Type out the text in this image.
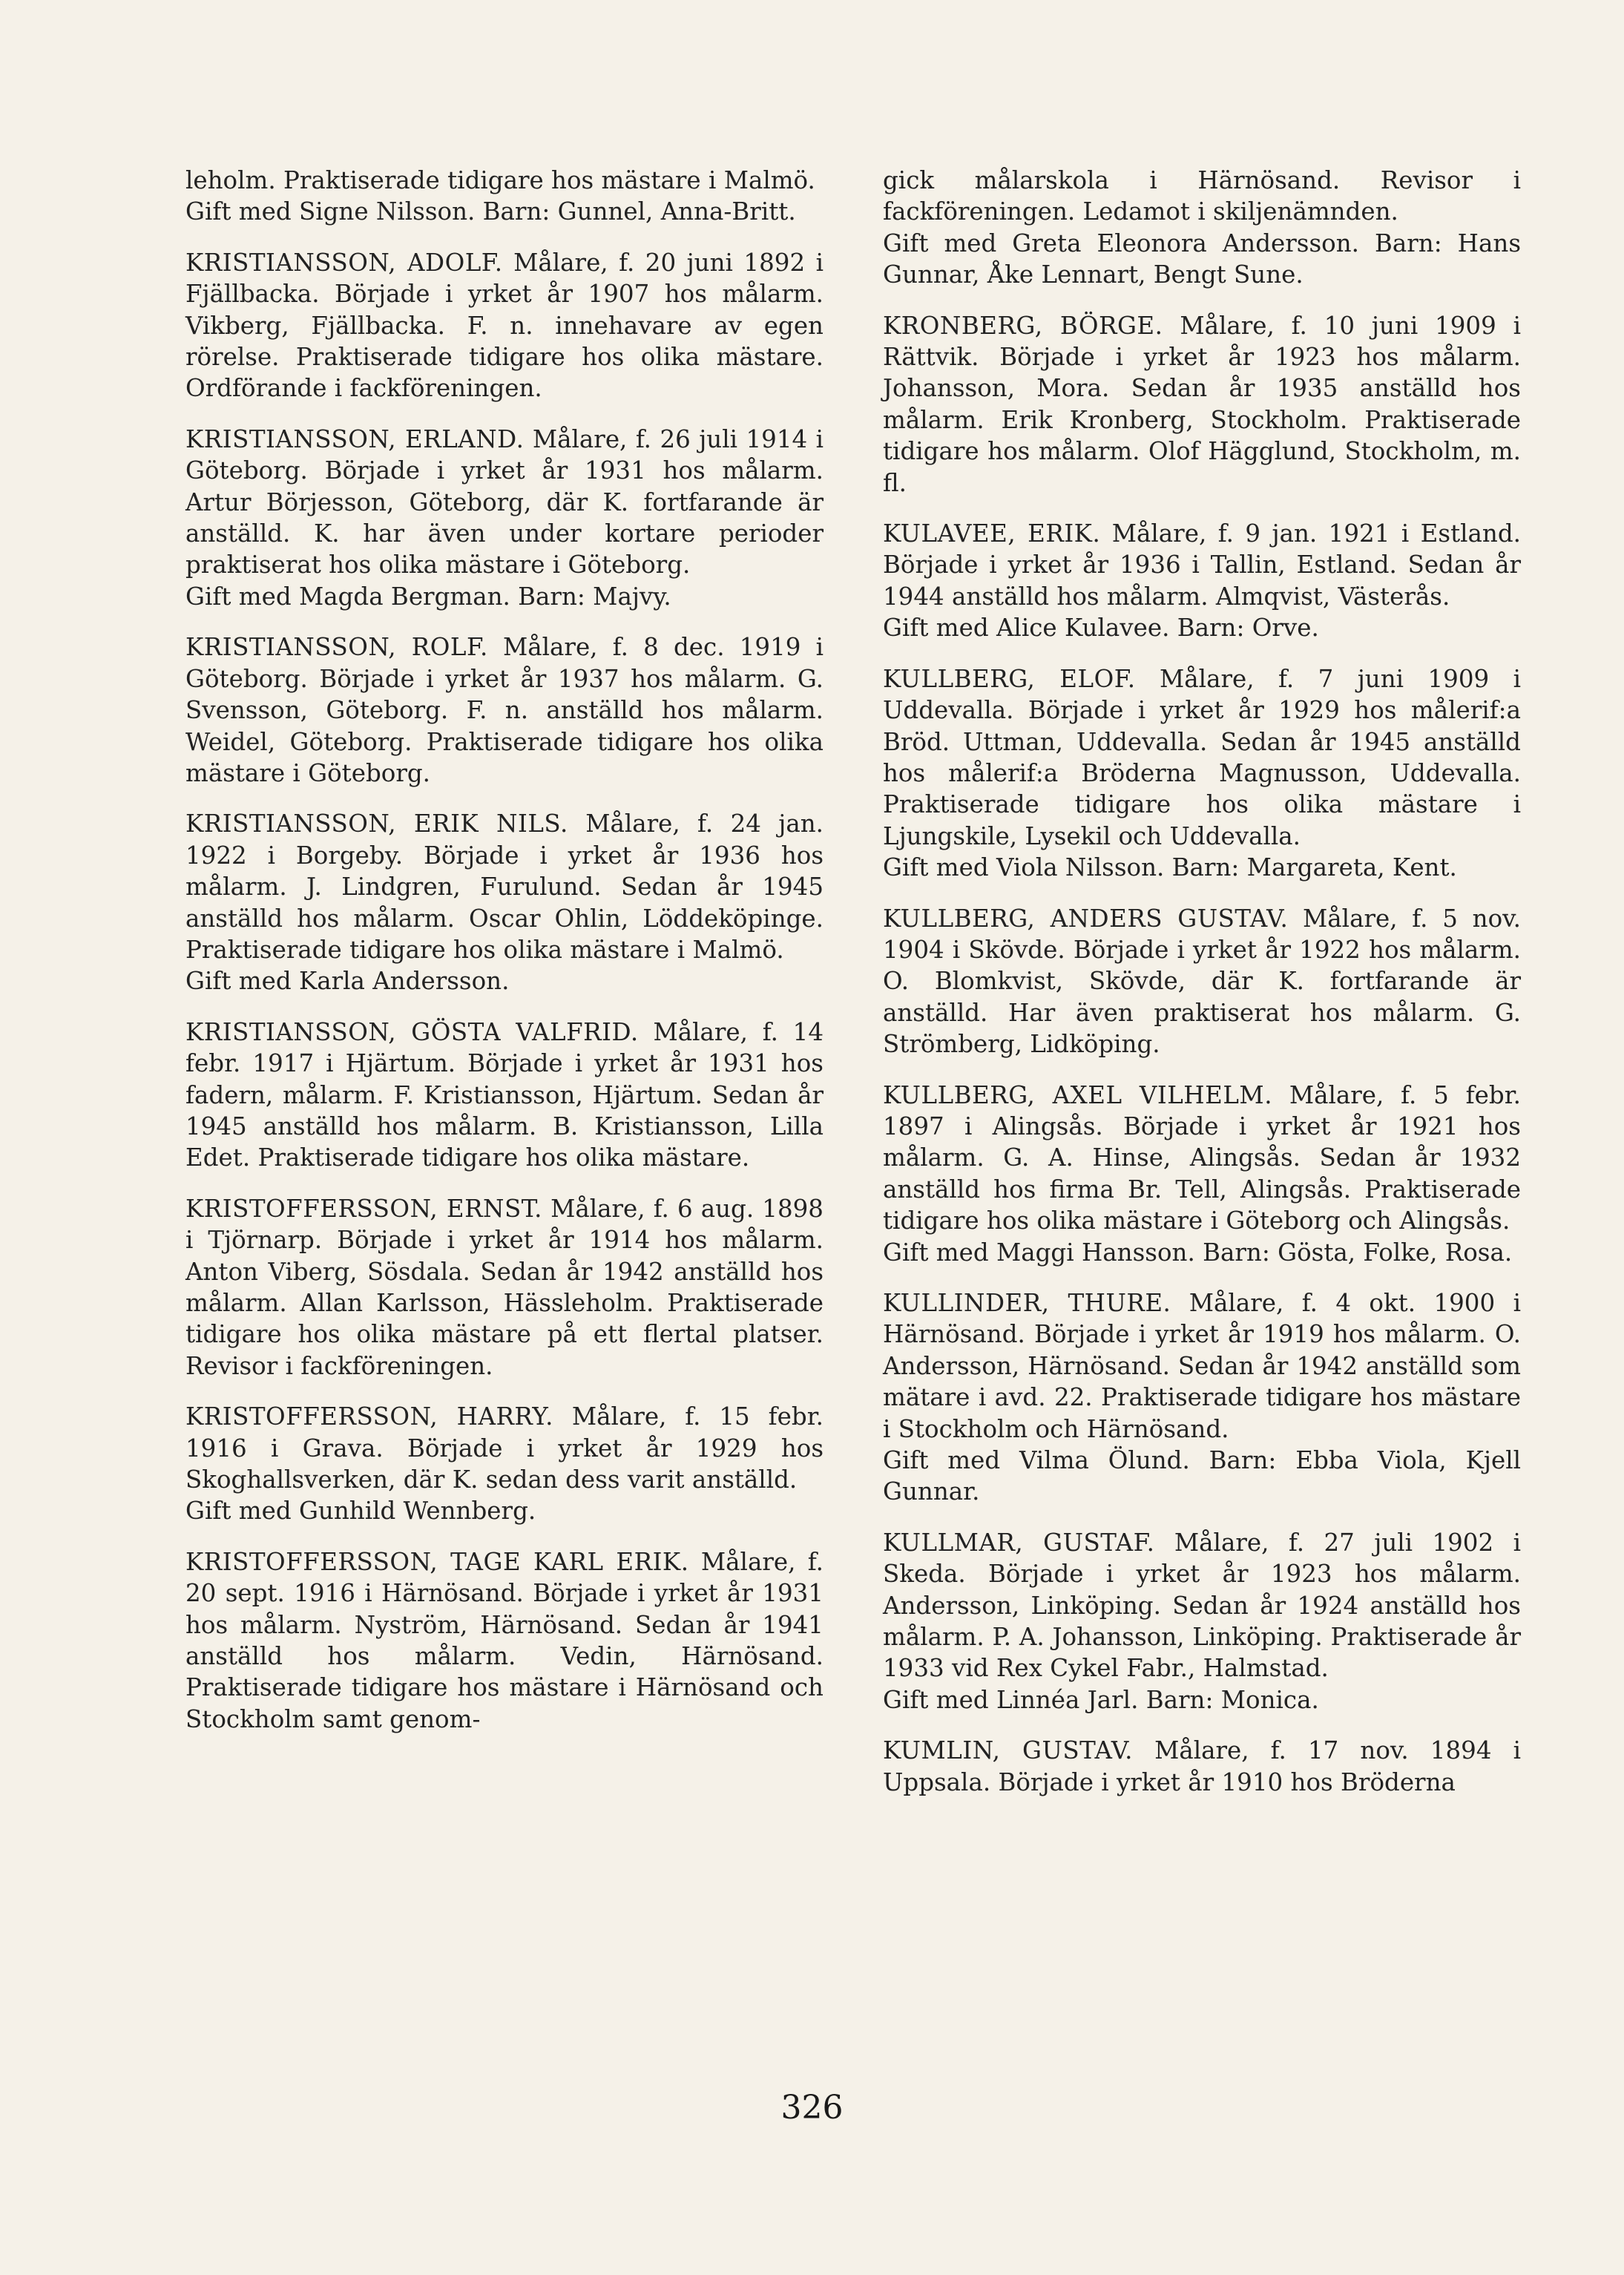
leholm. Praktiserade tidigare hos mästare i Malmö.

Gift med Signe Nilsson. Barn: Gunnel, Anna-Britt.

KRISTIANSSON, ADOLF. Målare, f. 20 juni 1892 i Fjällbacka. Började i yrket år 1907 hos målarm. Vikberg, Fjällbacka. F. n. innehavare av egen rörelse. Praktiserade tidigare hos olika mästare. Ordförande i fackföreningen.

KRISTIANSSON, ERLAND. Målare, f. 26 juli 1914 i Göteborg. Började i yrket år 1931 hos målarm. Artur Börjesson, Göteborg, där K. fortfarande är anställd. K. har även under kortare perioder praktiserat hos olika mästare i Göteborg.

Gift med Magda Bergman. Barn: Majvy.

KRISTIANSSON, ROLF. Målare, f. 8 dec. 1919 i Göteborg. Började i yrket år 1937 hos målarm. G. Svensson, Göteborg. F. n. anställd hos målarm. Weidel, Göteborg. Praktiserade tidigare hos olika mästare i Göteborg.

KRISTIANSSON, ERIK NILS. Målare, f. 24 jan. 1922 i Borgeby. Började i yrket år 1936 hos målarm. J. Lindgren, Furulund. Sedan år 1945 anställd hos målarm. Oscar Ohlin, Löddeköpinge. Praktiserade tidigare hos olika mästare i Malmö.

Gift med Karla Andersson.

KRISTIANSSON, GÖSTA VALFRID. Målare, f. 14 febr. 1917 i Hjärtum. Började i yrket år 1931 hos fadern, målarm. F. Kristiansson, Hjärtum. Sedan år 1945 anställd hos målarm. B. Kristiansson, Lilla Edet. Praktiserade tidigare hos olika mästare.

KRISTOFFERSSON, ERNST. Målare, f. 6 aug. 1898 i Tjörnarp. Började i yrket år 1914 hos målarm. Anton Viberg, Sösdala. Sedan år 1942 anställd hos målarm. Allan Karlsson, Hässleholm. Praktiserade tidigare hos olika mästare på ett flertal platser. Revisor i fackföreningen.

KRISTOFFERSSON, HARRY. Målare, f. 15 febr. 1916 i Grava. Började i yrket år 1929 hos Skoghallsverken, där K. sedan dess varit anställd.

Gift med Gunhild Wennberg.

KRISTOFFERSSON, TAGE KARL ERIK. Målare, f. 20 sept. 1916 i Härnösand. Började i yrket år 1931 hos målarm. Nyström, Härnösand. Sedan år 1941 anställd hos målarm. Vedin, Härnösand. Praktiserade tidigare hos mästare i Härnösand och Stockholm samt genom-

gick målarskola i Härnösand. Revisor i fackföreningen. Ledamot i skiljenämnden.

Gift med Greta Eleonora Andersson. Barn: Hans Gunnar, Åke Lennart, Bengt Sune.

KRONBERG, BÖRGE. Målare, f. 10 juni 1909 i Rättvik. Började i yrket år 1923 hos målarm. Johansson, Mora. Sedan år 1935 anställd hos målarm. Erik Kronberg, Stockholm. Praktiserade tidigare hos målarm. Olof Hägglund, Stockholm, m. fl.

KULAVEE, ERIK. Målare, f. 9 jan. 1921 i Estland. Började i yrket år 1936 i Tallin, Estland. Sedan år 1944 anställd hos målarm. Almqvist, Västerås.

Gift med Alice Kulavee. Barn: Orve.

KULLBERG, ELOF. Målare, f. 7 juni 1909 i Uddevalla. Började i yrket år 1929 hos målerif:a Bröd. Uttman, Uddevalla. Sedan år 1945 anställd hos målerif:a Bröderna Magnusson, Uddevalla. Praktiserade tidigare hos olika mästare i Ljungskile, Lysekil och Uddevalla.

Gift med Viola Nilsson. Barn: Margareta, Kent.

KULLBERG, ANDERS GUSTAV. Målare, f. 5 nov. 1904 i Skövde. Började i yrket år 1922 hos målarm. O. Blomkvist, Skövde, där K. fortfarande är anställd. Har även praktiserat hos målarm. G. Strömberg, Lidköping.

KULLBERG, AXEL VILHELM. Målare, f. 5 febr. 1897 i Alingsås. Började i yrket år 1921 hos målarm. G. A. Hinse, Alingsås. Sedan år 1932 anställd hos firma Br. Tell, Alingsås. Praktiserade tidigare hos olika mästare i Göteborg och Alingsås.

Gift med Maggi Hansson. Barn: Gösta, Folke, Rosa.

KULLINDER, THURE. Målare, f. 4 okt. 1900 i Härnösand. Började i yrket år 1919 hos målarm. O. Andersson, Härnösand. Sedan år 1942 anställd som mätare i avd. 22. Praktiserade tidigare hos mästare i Stockholm och Härnösand.

Gift med Vilma Ölund. Barn: Ebba Viola, Kjell Gunnar.

KULLMAR, GUSTAF. Målare, f. 27 juli 1902 i Skeda. Började i yrket år 1923 hos målarm. Andersson, Linköping. Sedan år 1924 anställd hos målarm. P. A. Johansson, Linköping. Praktiserade år 1933 vid Rex Cykel Fabr., Halmstad.

Gift med Linnéa Jarl. Barn: Monica.

KUMLIN, GUSTAV. Målare, f. 17 nov. 1894 i Uppsala. Började i yrket år 1910 hos Bröderna

326
